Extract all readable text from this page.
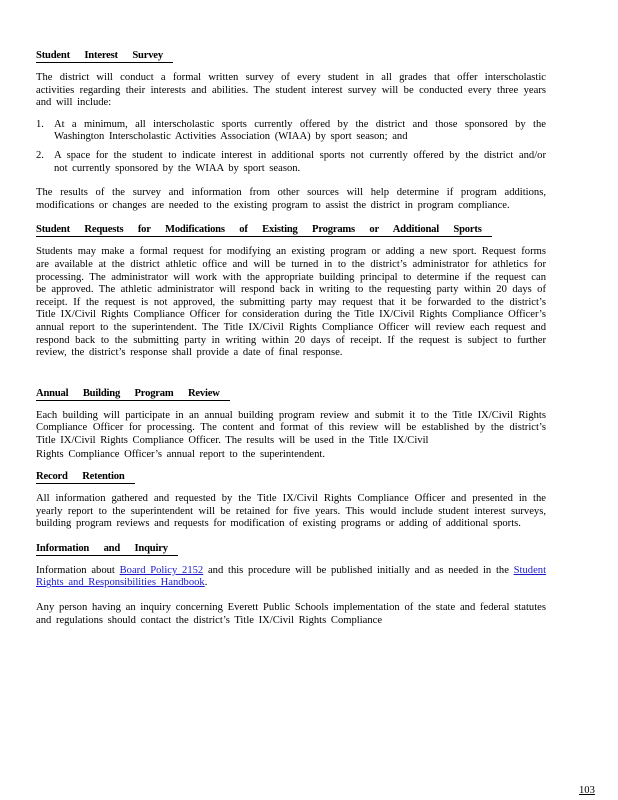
Student Interest Survey

The district will conduct a formal written survey of every student in all grades that offer interscholastic activities regarding their interests and abilities. The student interest survey will be conducted every three years and will include:

1. At a minimum, all interscholastic sports currently offered by the district and those sponsored by the Washington Interscholastic Activities Association (WIAA) by sport season; and
2. A space for the student to indicate interest in additional sports not currently offered by the district and/or not currently sponsored by the WIAA by sport season.

The results of the survey and information from other sources will help determine if program additions, modifications or changes are needed to the existing program to assist the district in program compliance.

Student Requests for Modifications of Existing Programs or Additional Sports

Students may make a formal request for modifying an existing program or adding a new sport. Request forms are available at the district athletic office and will be turned in to the district’s administrator for athletics for processing. The administrator will work with the appropriate building principal to determine if the request can be approved. The athletic administrator will respond back in writing to the requesting party within 20 days of receipt. If the request is not approved, the submitting party may request that it be forwarded to the district’s Title IX/Civil Rights Compliance Officer for consideration during the Title IX/Civil Rights Compliance Officer’s annual report to the superintendent. The Title IX/Civil Rights Compliance Officer will review each request and respond back to the submitting party in writing within 20 days of receipt. If the request is subject to further review, the district’s response shall provide a date of final response.

Annual Building Program Review

Each building will participate in an annual building program review and submit it to the Title IX/Civil Rights Compliance Officer for processing. The content and format of this review will be established by the district’s Title IX/Civil Rights Compliance Officer. The results will be used in the Title IX/Civil

Rights Compliance Officer’s annual report to the superintendent.

Record Retention

All information gathered and requested by the Title IX/Civil Rights Compliance Officer and presented in the yearly report to the superintendent will be retained for five years. This would include student interest surveys, building program reviews and requests for modification of existing programs or adding of additional sports.

Information and Inquiry

Information about Board Policy 2152 and this procedure will be published initially and as needed in the Student Rights and Responsibilities Handbook.

Any person having an inquiry concerning Everett Public Schools implementation of the state and federal statutes and regulations should contact the district’s Title IX/Civil Rights Compliance

103
